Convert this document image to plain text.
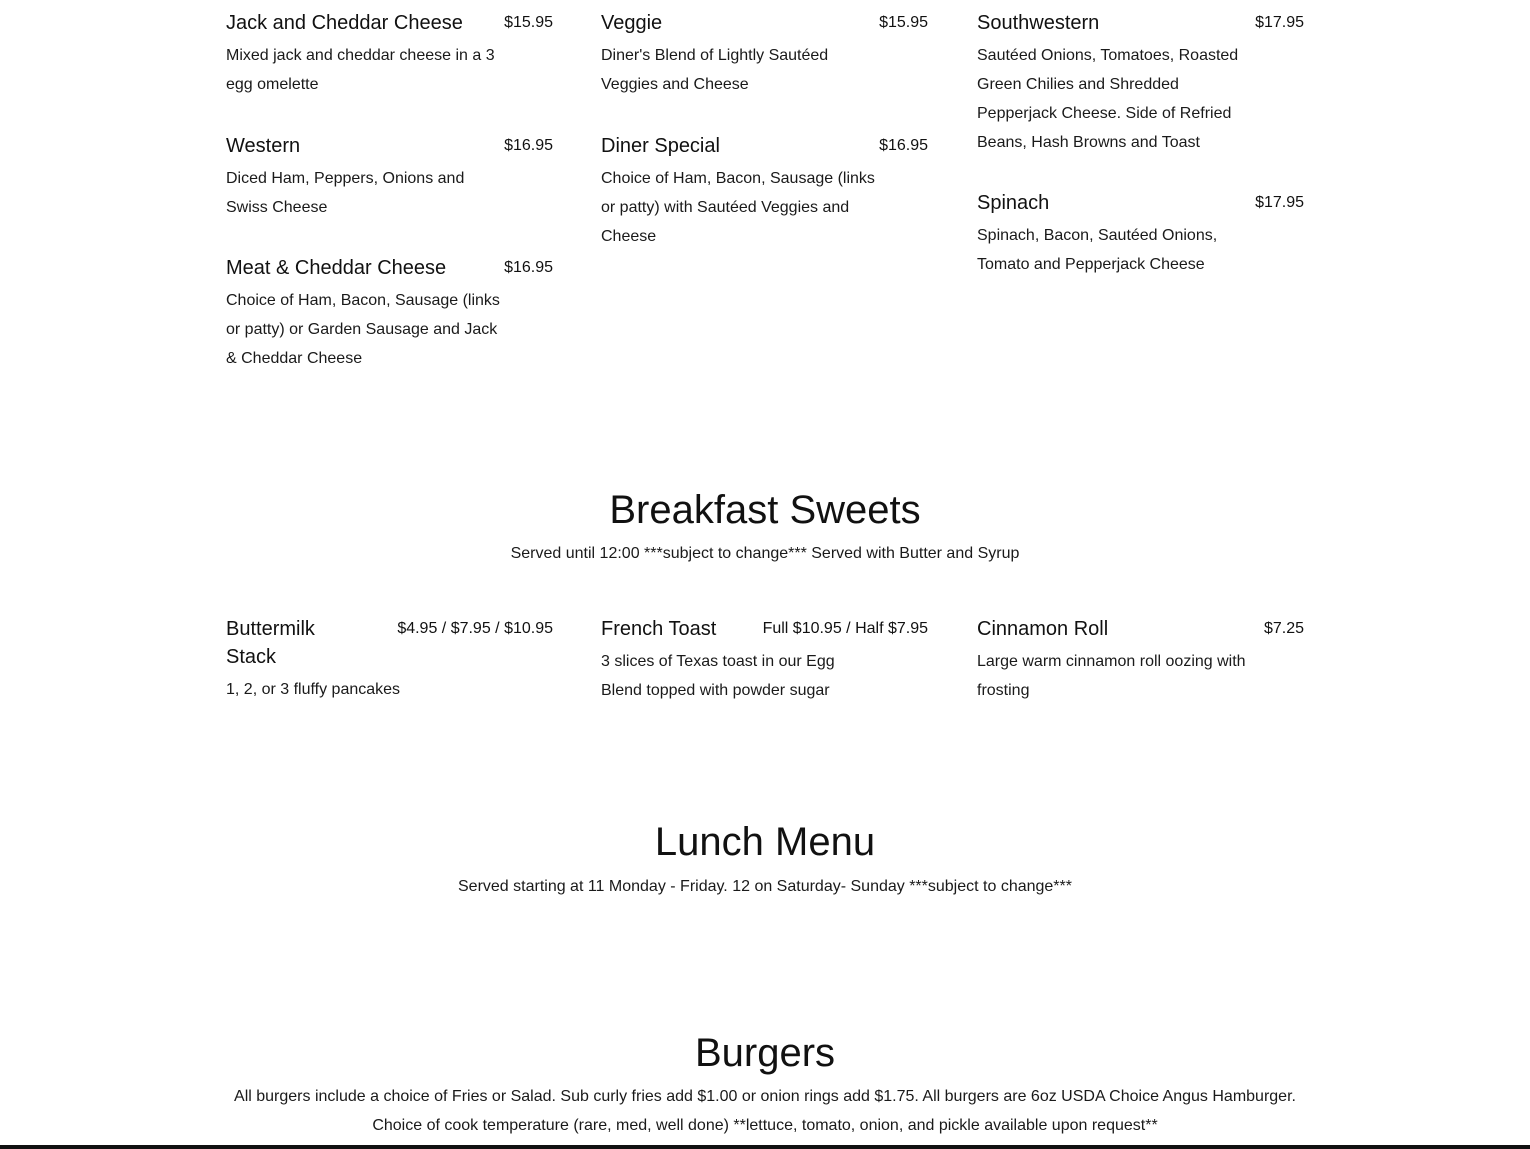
Jack and Cheddar Cheese	$15.95
Mixed jack and cheddar cheese in a 3 egg omelette
Veggie	$15.95
Diner's Blend of Lightly Sautéed Veggies and Cheese
Southwestern	$17.95
Sautéed Onions, Tomatoes, Roasted Green Chilies and Shredded Pepperjack Cheese. Side of Refried Beans, Hash Browns and Toast
Western	$16.95
Diced Ham, Peppers, Onions and Swiss Cheese
Diner Special	$16.95
Choice of Ham, Bacon, Sausage (links or patty) with Sautéed Veggies and Cheese
Spinach	$17.95
Spinach, Bacon, Sautéed Onions, Tomato and Pepperjack Cheese
Meat & Cheddar Cheese	$16.95
Choice of Ham, Bacon, Sausage (links or patty) or Garden Sausage and Jack & Cheddar Cheese
Breakfast Sweets
Served until 12:00 ***subject to change*** Served with Butter and Syrup
Buttermilk Stack
$4.95 / $7.95 / $10.95
1, 2, or 3 fluffy pancakes
French Toast	Full $10.95 / Half $7.95
3 slices of Texas toast in our Egg Blend topped with powder sugar
Cinnamon Roll	$7.25
Large warm cinnamon roll oozing with frosting
Lunch Menu
Served starting at 11 Monday - Friday. 12 on Saturday- Sunday ***subject to change***
Burgers
All burgers include a choice of Fries or Salad. Sub curly fries add $1.00 or onion rings add $1.75. All burgers are 6oz USDA Choice Angus Hamburger.
Choice of cook temperature (rare, med, well done) **lettuce, tomato, onion, and pickle available upon request**
